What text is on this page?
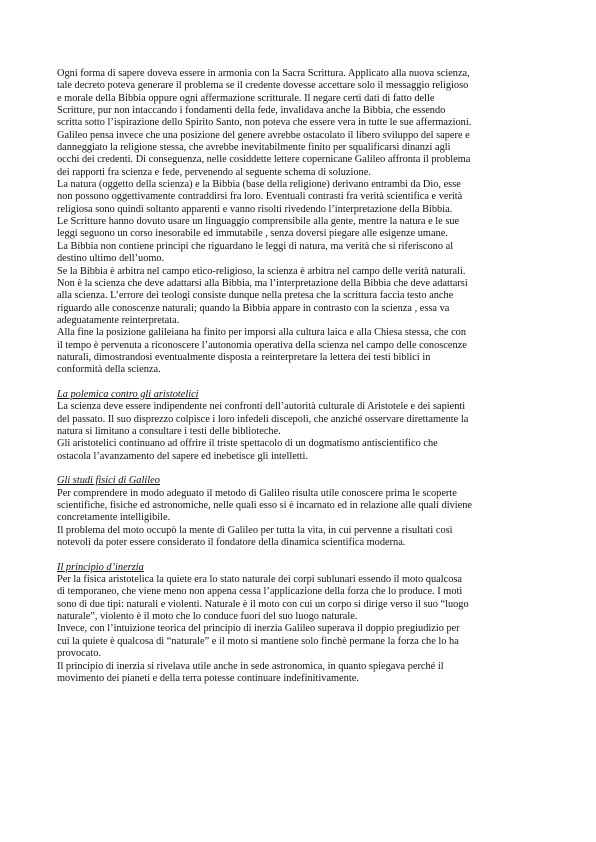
Ogni forma di sapere doveva essere in armonia con la Sacra Scrittura. Applicato alla nuova scienza,
tale decreto poteva generare il problema se il credente dovesse accettare solo il messaggio religioso
e morale della Bibbia oppure ogni affermazione scritturale. Il negare certi dati di fatto delle
Scritture, pur non intaccando i fondamenti della fede, invalidava anche la Bibbia, che essendo
scritta sotto l’ispirazione dello Spirito Santo, non poteva che essere vera in tutte le sue affermazioni.

Galileo pensa invece che una posizione del genere avrebbe ostacolato il libero sviluppo del sapere e
danneggiato la religione stessa, che avrebbe inevitabilmente finito per squalificarsi dinanzi agli
occhi dei credenti. Di conseguenza, nelle cosiddette lettere copernicane Galileo affronta il problema
dei rapporti fra scienza e fede, pervenendo al seguente schema di soluzione.

La natura (oggetto della scienza) e la Bibbia (base della religione) derivano entrambi da Dio, esse
non possono oggettivamente contraddirsi fra loro. Eventuali contrasti fra verità scientifica e verità
religiosa sono quindi soltanto apparenti e vanno risolti rivedendo l’interpretazione della Bibbia.

Le Scritture hanno dovuto usare un linguaggio comprensibile alla gente, mentre la natura e le sue
leggi seguono un corso inesorabile ed immutabile , senza doversi piegare alle esigenze umane.

La Bibbia non contiene principi che riguardano le leggi di natura, ma verità che si riferiscono al
destino ultimo dell’uomo.

Se la Bibbia è arbitra nel campo etico-religioso, la scienza è arbitra nel campo delle verità naturali.
Non è la scienza che deve adattarsi alla Bibbia, ma l’interpretazione della Bibbia che deve adattarsi
alla scienza. L’errore dei teologi consiste dunque nella pretesa che la scrittura faccia testo anche
riguardo alle conoscenze naturali; quando la Bibbia appare in contrasto con la scienza , essa va
adeguatamente reinterpretata.

Alla fine la posizione galileiana ha finito per imporsi alla cultura laica e alla Chiesa stessa, che con
il tempo è pervenuta a riconoscere l’autonomia operativa della scienza nel campo delle conoscenze
naturali, dimostrandosi eventualmente disposta a reinterpretare la lettera dei testi biblici in
conformità della scienza.

La polemica contro gli aristotelici

La scienza deve essere indipendente nei confronti dell’autorità culturale di Aristotele e dei sapienti
del passato. Il suo disprezzo colpisce i loro infedeli discepoli, che anziché osservare direttamente la
natura si limitano a consultare i testi delle biblioteche.

Gli aristotelici continuano ad offrire il triste spettacolo di un dogmatismo antiscientifico che
ostacola l’avanzamento del sapere ed inebetisce gli intelletti.

Gli studi fisici di Galileo

Per comprendere in modo adeguato il metodo di Galileo risulta utile conoscere prima le scoperte
scientifiche, fisiche ed astronomiche, nelle quali esso si è incarnato ed in relazione alle quali diviene
concretamente intelligibile.

Il problema del moto occupò la mente di Galileo per tutta la vita, in cui pervenne a risultati così
notevoli da poter essere considerato il fondatore della dinamica scientifica moderna.

Il principio d’inerzia

Per la fisica aristotelica la quiete era lo stato naturale dei corpi sublunari essendo il moto qualcosa
di temporaneo, che viene meno non appena cessa l’applicazione della forza che lo produce. I moti
sono di due tipi: naturali e violenti. Naturale è il moto con cui un corpo si dirige verso il suo “luogo
naturale”, violento è il moto che lo conduce fuori del suo luogo naturale.

Invece, con l’intuizione teorica del principio di inerzia Galileo superava il doppio pregiudizio per
cui la quiete è qualcosa di “naturale” e il moto si mantiene solo finchè permane la forza che lo ha
provocato.

Il principio di inerzia si rivelava utile anche in sede astronomica, in quanto spiegava perché il
movimento dei pianeti e della terra potesse continuare indefinitivamente.
